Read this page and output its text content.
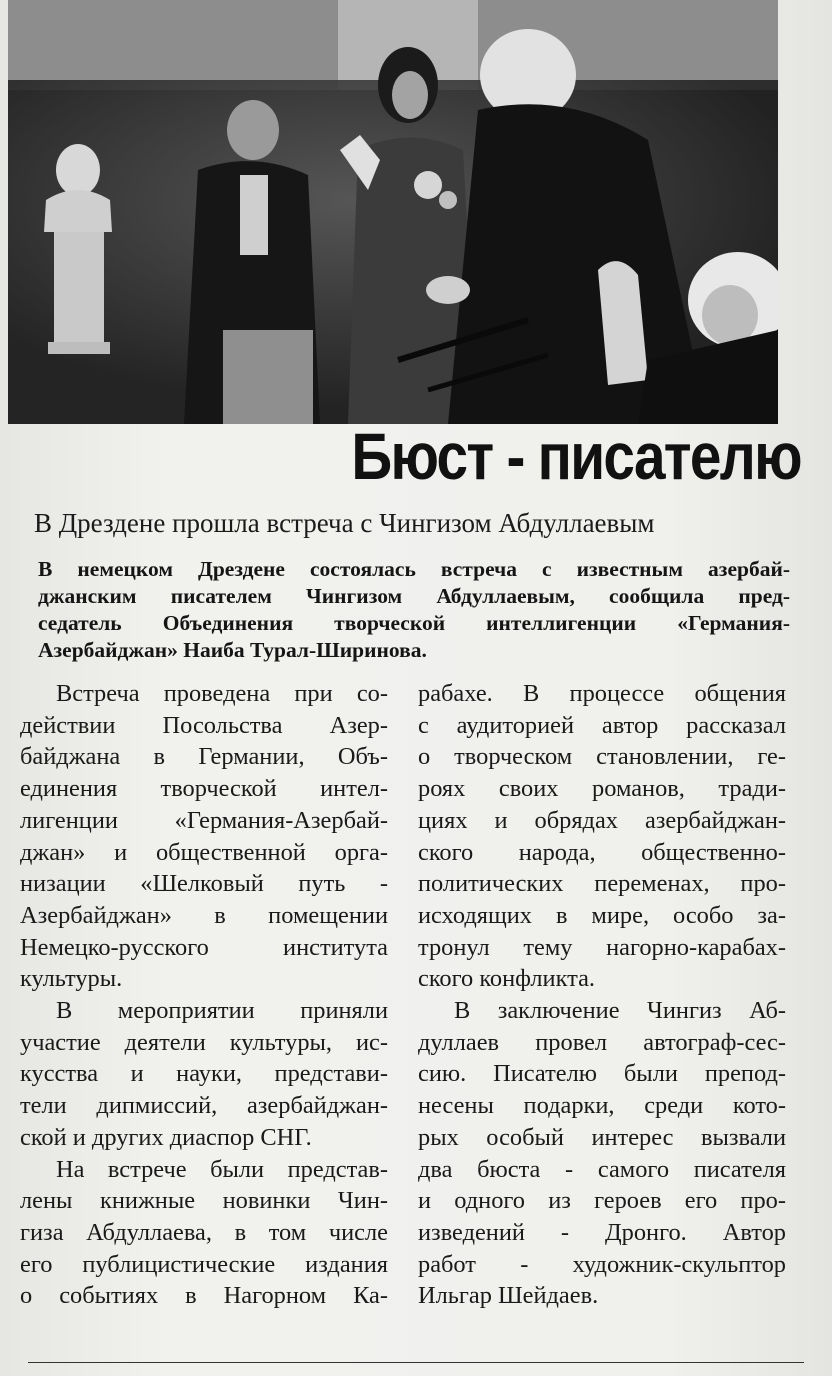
Бюст - писателю
В Дрездене прошла встреча с Чингизом Абдуллаевым
В немецком Дрездене состоялась встреча с известным азербай-
джанским писателем Чингизом Абдуллаевым, сообщила пред-
седатель Объединения творческой интеллигенции «Германия-
Азербайджан» Наиба Турал-Ширинова.
Встреча проведена при со-
действии Посольства Азер-
байджана в Германии, Объ-
единения творческой интел-
лигенции «Германия-Азербай-
джан» и общественной орга-
низации «Шелковый путь -
Азербайджан» в помещении
Немецко-русского института
культуры.
В мероприятии приняли
участие деятели культуры, ис-
кусства и науки, представи-
тели дипмиссий, азербайджан-
ской и других диаспор СНГ.
На встрече были представ-
лены книжные новинки Чин-
гиза Абдуллаева, в том числе
его публицистические издания
о событиях в Нагорном Ка-
рабахе. В процессе общения
с аудиторией автор рассказал
о творческом становлении, ге-
роях своих романов, тради-
циях и обрядах азербайджан-
ского народа, общественно-
политических переменах, про-
исходящих в мире, особо за-
тронул тему нагорно-карабах-
ского конфликта.
В заключение Чингиз Аб-
дуллаев провел автограф-сес-
сию. Писателю были препод-
несены подарки, среди кото-
рых особый интерес вызвали
два бюста - самого писателя
и одного из героев его про-
изведений - Дронго. Автор
работ - художник-скульптор
Ильгар Шейдаев.
